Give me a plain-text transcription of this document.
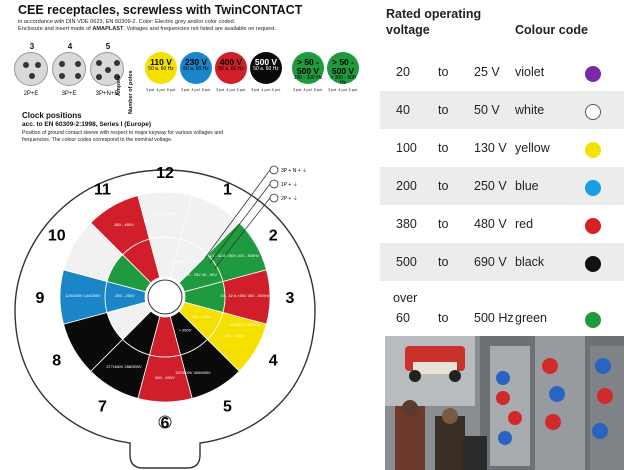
CEE receptacles, screwless with TwinCONTACT
in accordance with DIN VDE 0623, EN 60309-2. Color: Electric grey and/or color coded.
Enclosure and insert made of AMAPLAST. Voltages and frequencies not listed are available on request.
3
2P+E
4
3P+E
5
3P+N+E
Ampere Number of poles
110 V
50 a. 60 Hz
3 pol. 4 pol. 5 pol.
230 V
50 a. 60 Hz
3 pol. 4 pol. 5 pol.
400 V
50 a. 60 Hz
3 pol. 4 pol. 5 pol.
500 V
50 a. 60 Hz
3 pol. 4 pol. 5 pol.
> 50 - 500 V
100 - 300 Hz
3 pol. 4 pol. 5 pol.
> 50 - 500 V
> 300 - 500 Hz
3 pol. 4 pol. 5 pol.
Clock positions
acc. to EN 60309-2:1998, Series I (Europe)
Position of ground contact sleeve with respect to major keyway for various voltages and
frequencies. The colour codes correspond to the nominal voltage.
3P + N + ⏚
1P + ⏚
2P + ⏚
12
1
2
3
4
5
6
7
8
9
10
11
20 - 25V 40 - 50V
10 - 32 A >50V 100 - 300Hz
10 - 32 A >50V 300 - 500Hz
32 A 100 - 300Hz
> 250V
110 - 130V
100 - 130V
57/100V 75/130V
200 - 250V
120/208V 144/250V
380 - 480V
600 - 690V
277/480V 288/500V
347/600V 400/690V
500 - 690V
Rated operating voltage	Colour code
20 to 25 V violet
40 to 50 V white
100 to 130 V yellow
200 to 250 V blue
380 to 480 V red
500 to 690 V black
over
60 to 500 Hz green
